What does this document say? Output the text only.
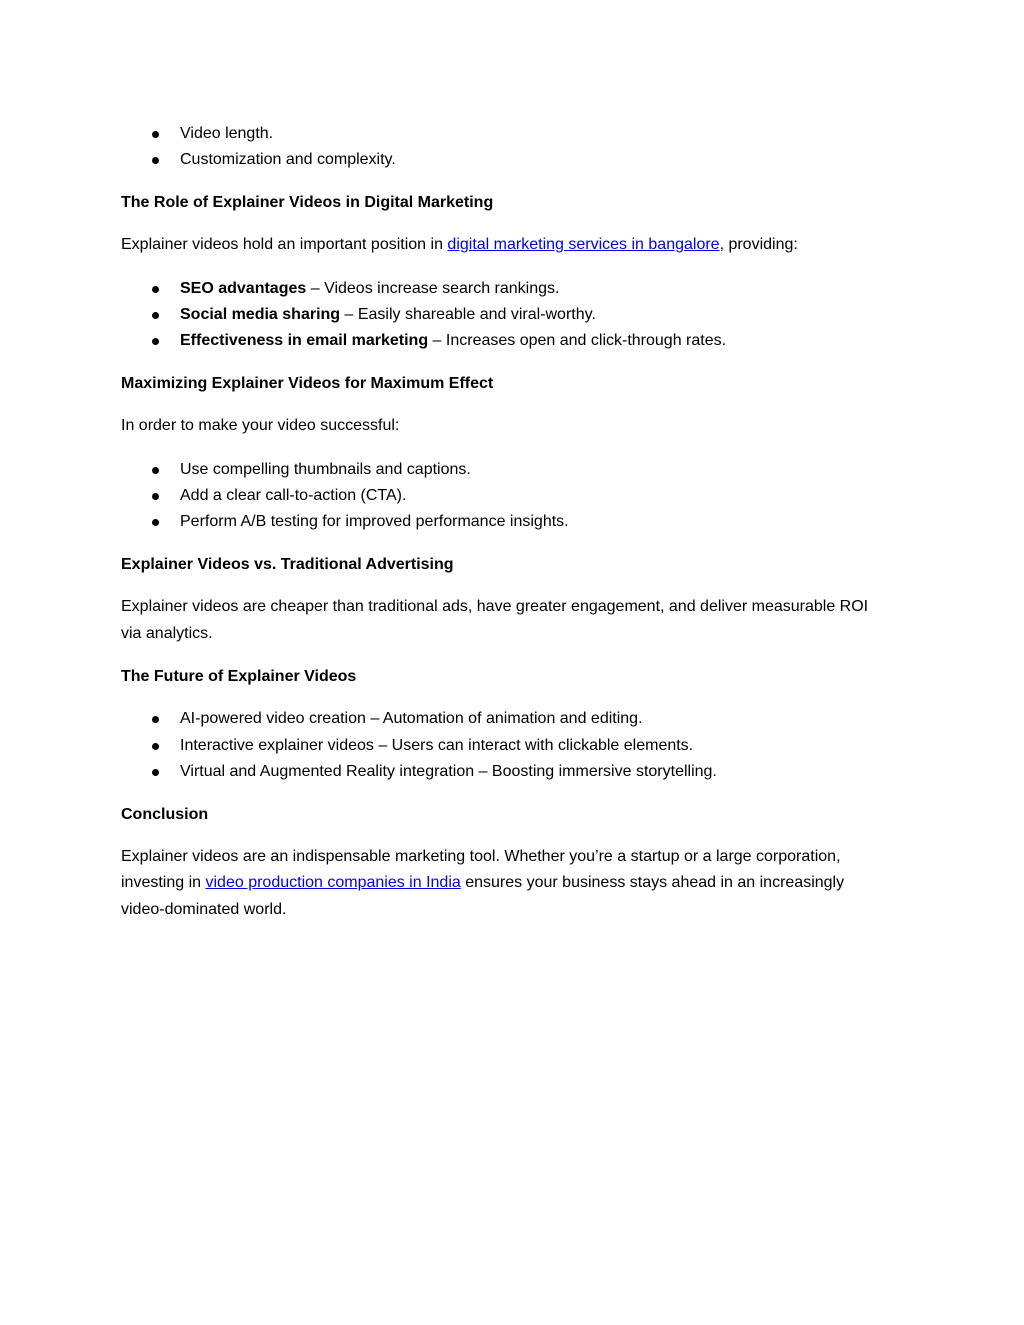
Video length.
Customization and complexity.
The Role of Explainer Videos in Digital Marketing

Explainer videos hold an important position in digital marketing services in bangalore, providing:

SEO advantages – Videos increase search rankings.
Social media sharing – Easily shareable and viral-worthy.
Effectiveness in email marketing – Increases open and click-through rates.
Maximizing Explainer Videos for Maximum Effect

In order to make your video successful:

Use compelling thumbnails and captions.
Add a clear call-to-action (CTA).
Perform A/B testing for improved performance insights.
Explainer Videos vs. Traditional Advertising

Explainer videos are cheaper than traditional ads, have greater engagement, and deliver measurable ROI

via analytics.

The Future of Explainer Videos
AI-powered video creation – Automation of animation and editing.
Interactive explainer videos – Users can interact with clickable elements.
Virtual and Augmented Reality integration – Boosting immersive storytelling.
Conclusion

Explainer videos are an indispensable marketing tool. Whether you’re a startup or a large corporation,

investing in video production companies in India ensures your business stays ahead in an increasingly

video-dominated world.
